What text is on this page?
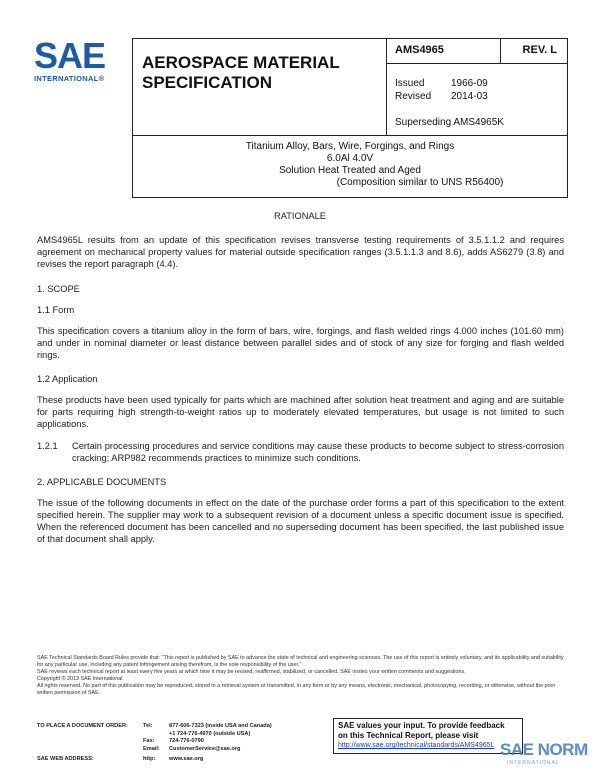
SAE
INTERNATIONAL®
AEROSPACE MATERIAL
SPECIFICATION
AMS4965	REV. L
Issued	1966-09
Revised 2014-03
Superseding AMS4965K
Titanium Alloy, Bars, Wire, Forgings, and Rings
6.0Al 4.0V
Solution Heat Treated and Aged
(Composition similar to UNS R56400)
RATIONALE
AMS4965L results from an update of this specification revises transverse testing requirements of 3.5.1.1.2 and requires agreement on mechanical property values for material outside specification ranges (3.5.1.1.3 and 8.6), adds AS6279 (3.8) and revises the report paragraph (4.4).
1. SCOPE
1.1 Form
This specification covers a titanium alloy in the form of bars, wire, forgings, and flash welded rings 4.000 inches (101.60 mm) and under in nominal diameter or least distance between parallel sides and of stock of any size for forging and flash welded rings.
1.2 Application
These products have been used typically for parts which are machined after solution heat treatment and aging and are suitable for parts requiring high strength-to-weight ratios up to moderately elevated temperatures, but usage is not limited to such applications.
1.2.1 Certain processing procedures and service conditions may cause these products to become subject to stress-corrosion cracking; ARP982 recommends practices to minimize such conditions.
2. APPLICABLE DOCUMENTS
The issue of the following documents in effect on the date of the purchase order forms a part of this specification to the extent specified herein. The supplier may work to a subsequent revision of a document unless a specific document issue is specified. When the referenced document has been cancelled and no superseding document has been specified, the last published issue of that document shall apply.
SAE Technical Standards Board Rules provide that: "This report is published by SAE to advance the state of technical and engineering sciences. The use of this report is entirely voluntary, and its applicability and suitability for any particular use, including any patent infringement arising therefrom, is the sole responsibility of the user."
SAE reviews each technical report at least every five years at which time it may be revised, reaffirmed, stabilized, or cancelled. SAE invites your written comments and suggestions.
Copyright © 2013 SAE International
All rights reserved. No part of this publication may be reproduced, stored in a retrieval system or transmitted, in any form or by any means, electronic, mechanical, photocopying, recording, or otherwise, without the prior written permission of SAE.
TO PLACE A DOCUMENT ORDER:	Tel:	877-606-7323 (inside USA and Canada)
+1 724-776-4970 (outside USA)
Fax:	724-776-0790
Email: CustomerService@sae.org
SAE WEB ADDRESS:	http: www.sae.org
SAE values your input. To provide feedback
on this Technical Report, please visit
http://www.sae.org/technical/standards/AMS4965L SAE NORM
INTERNATIONAL
